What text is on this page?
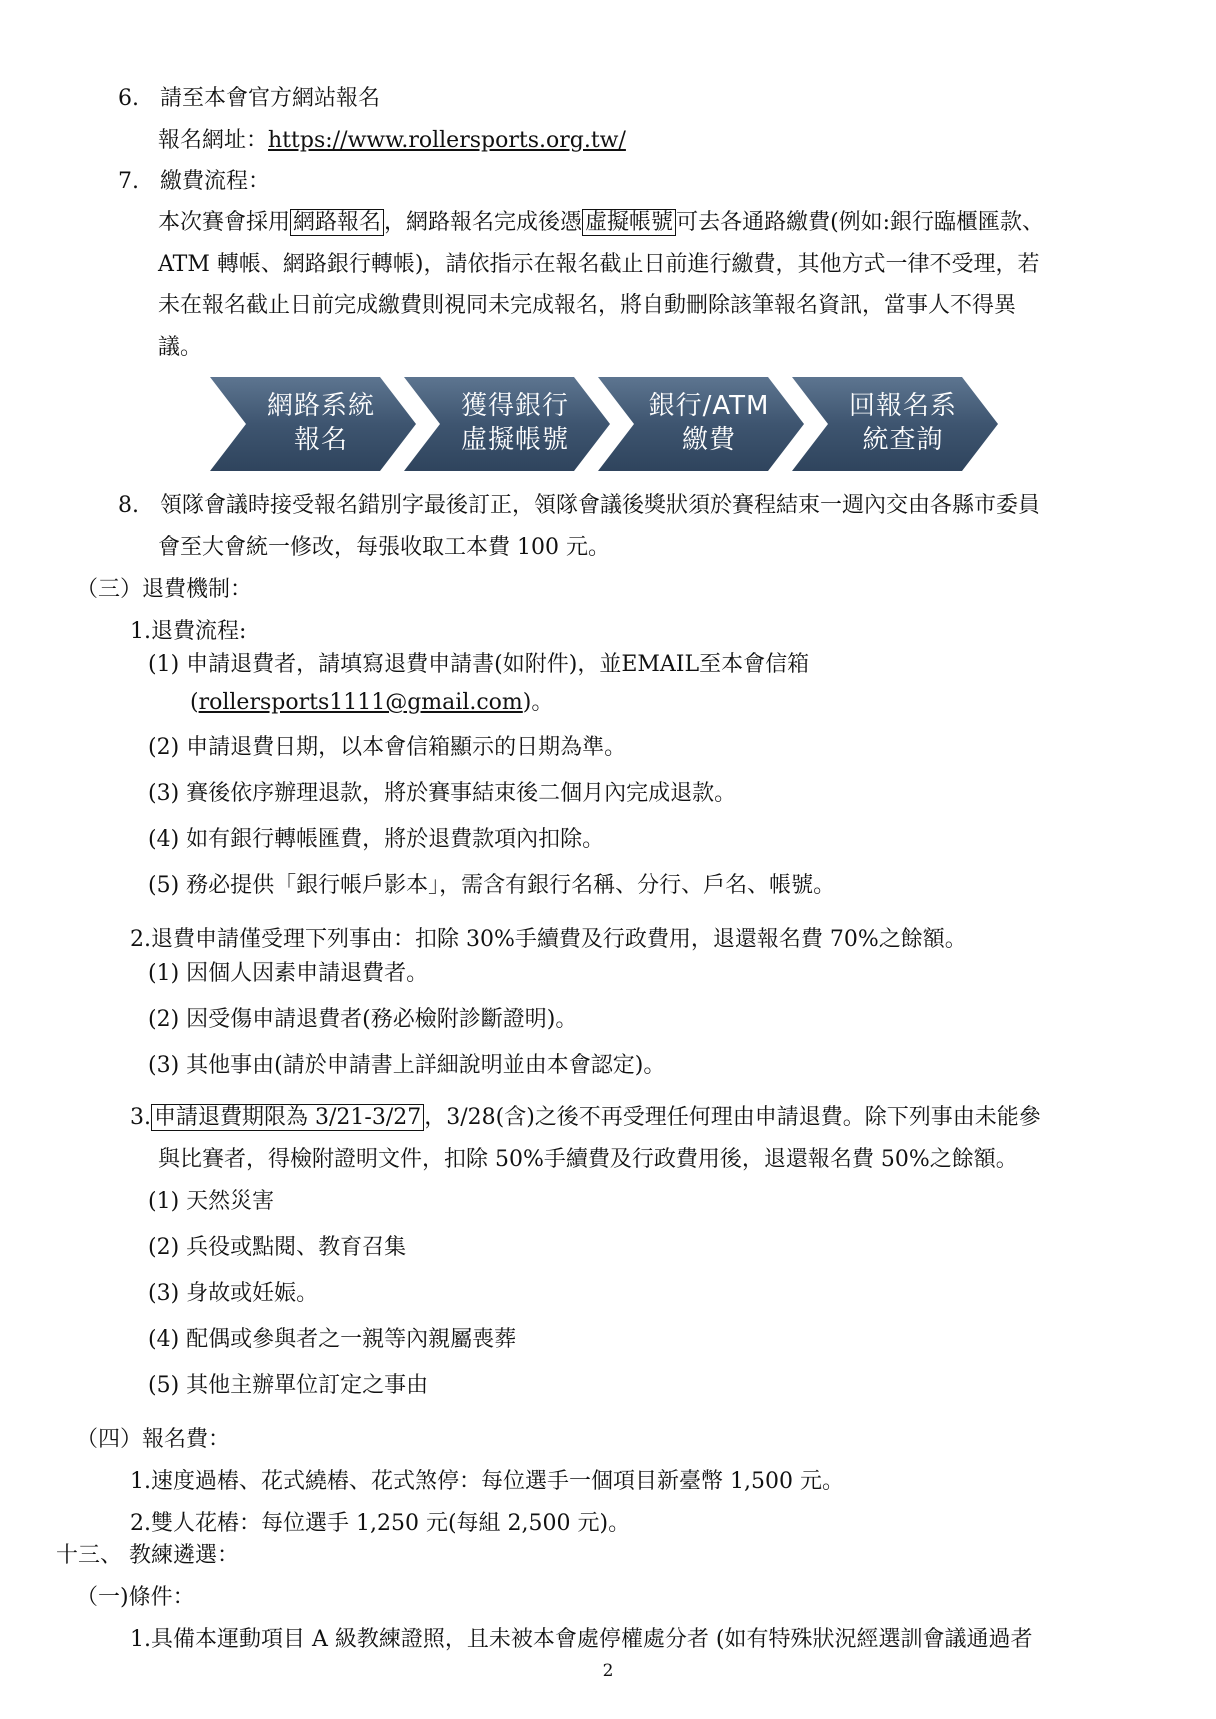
6. 請至本會官方網站報名
報名網址：https://www.rollersports.org.tw/
7. 繳費流程：
本次賽會採用 網路報名 ，網路報名完成後憑 虛擬帳號 可去各通路繳費(例如:銀行臨櫃匯款、
ATM 轉帳、網路銀行轉帳)，請依指示在報名截止日前進行繳費，其他方式一律不受理，若
未在報名截止日前完成繳費則視同未完成報名，將自動刪除該筆報名資訊，當事人不得異
議。
網路系統
報名
獲得銀行
虛擬帳號
銀行/ATM
繳費
回報名系
統查詢
8. 領隊會議時接受報名錯別字最後訂正，領隊會議後獎狀須於賽程結束一週內交由各縣市委員
會至大會統一修改，每張收取工本費 100 元。
（三）退費機制：
1.退費流程:
(1) 申請退費者，請填寫退費申請書(如附件)，並EMAIL至本會信箱
(rollersports1111@gmail.com)。
(2) 申請退費日期，以本會信箱顯示的日期為準。
(3) 賽後依序辦理退款，將於賽事結束後二個月內完成退款。
(4) 如有銀行轉帳匯費，將於退費款項內扣除。
(5) 務必提供「銀行帳戶影本」，需含有銀行名稱、分行、戶名、帳號。
2.退費申請僅受理下列事由：扣除 30%手續費及行政費用，退還報名費 70%之餘額。
(1) 因個人因素申請退費者。
(2) 因受傷申請退費者(務必檢附診斷證明)。
(3) 其他事由(請於申請書上詳細說明並由本會認定)。
3. 申請退費期限為 3/21-3/27 ，3/28(含)之後不再受理任何理由申請退費。除下列事由未能參
與比賽者，得檢附證明文件，扣除 50%手續費及行政費用後，退還報名費 50%之餘額。
(1) 天然災害
(2) 兵役或點閱、教育召集
(3) 身故或妊娠。
(4) 配偶或參與者之一親等內親屬喪葬
(5) 其他主辦單位訂定之事由
（四）報名費：
1.速度過樁、花式繞樁、花式煞停：每位選手一個項目新臺幣 1,500 元。
2.雙人花樁：每位選手 1,250 元(每組 2,500 元)。
十三、 教練遴選：
（一)條件：
1.具備本運動項目 A 級教練證照，且未被本會處停權處分者 (如有特殊狀況經選訓會議通過者
2
